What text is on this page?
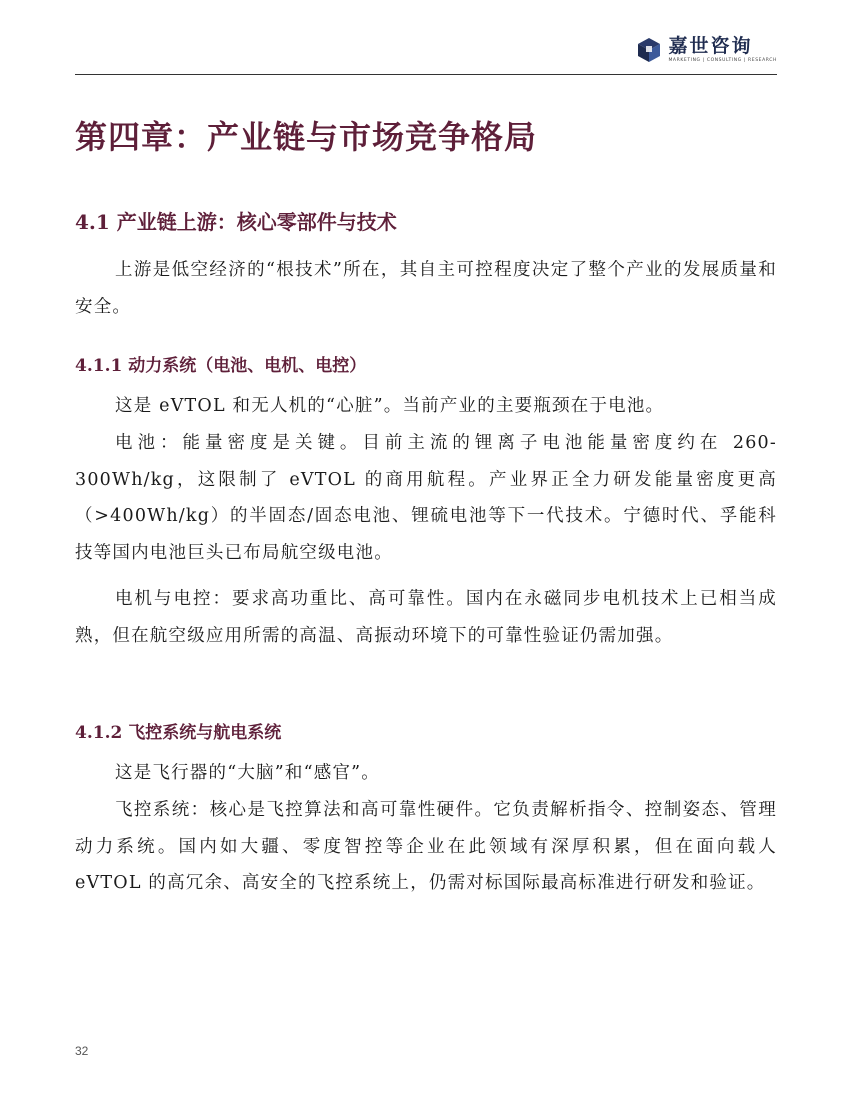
嘉世咨询
MARKETING | CONSULTING | RESEARCH
第四章：产业链与市场竞争格局
4.1 产业链上游：核心零部件与技术
上游是低空经济的“根技术”所在，其自主可控程度决定了整个产业的发展质量和安全。
4.1.1 动力系统（电池、电机、电控）
这是 eVTOL 和无人机的“心脏”。当前产业的主要瓶颈在于电池。
电池：能量密度是关键。目前主流的锂离子电池能量密度约在 260-300Wh/kg，这限制了 eVTOL 的商用航程。产业界正全力研发能量密度更高（>400Wh/kg）的半固态/固态电池、锂硫电池等下一代技术。宁德时代、孚能科技等国内电池巨头已布局航空级电池。
电机与电控：要求高功重比、高可靠性。国内在永磁同步电机技术上已相当成熟，但在航空级应用所需的高温、高振动环境下的可靠性验证仍需加强。
4.1.2 飞控系统与航电系统
这是飞行器的“大脑”和“感官”。
飞控系统：核心是飞控算法和高可靠性硬件。它负责解析指令、控制姿态、管理动力系统。国内如大疆、零度智控等企业在此领域有深厚积累，但在面向载人 eVTOL 的高冗余、高安全的飞控系统上，仍需对标国际最高标准进行研发和验证。
32
